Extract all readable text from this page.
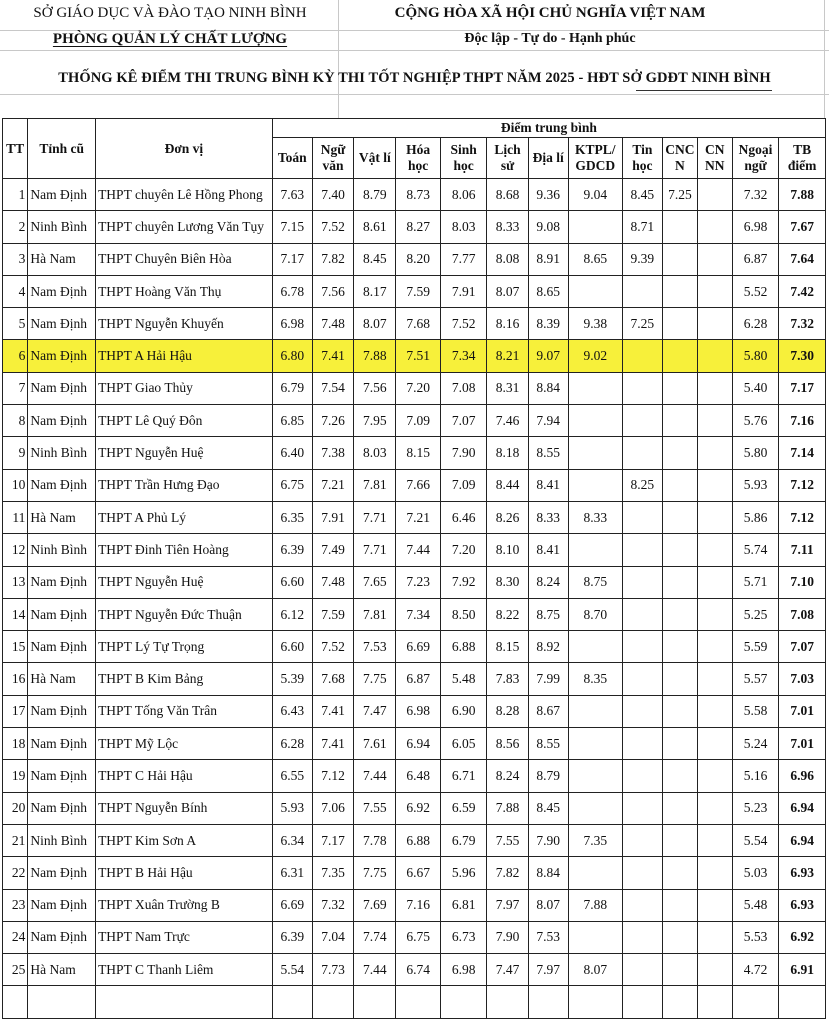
SỞ GIÁO DỤC VÀ ĐÀO TẠO NINH BÌNH
PHÒNG QUẢN LÝ CHẤT LƯỢNG
CỘNG HÒA XÃ HỘI CHỦ NGHĨA VIỆT NAM
Độc lập - Tự do - Hạnh phúc
THỐNG KÊ ĐIỂM THI TRUNG BÌNH KỲ THI TỐT NGHIỆP THPT NĂM 2025 - HĐT SỞ GDĐT NINH BÌNH
TT	Tỉnh cũ	Đơn vị	Điểm trung bình												
			Toán	Ngữ văn	Vật lí	Hóa học	Sinh học	Lịch sử	Địa lí	KTPL/ GDCD	Tin học	CNC N	CN NN	Ngoại ngữ	TB điểm
1	Nam Định	THPT chuyên Lê Hồng Phong	7.63	7.40	8.79	8.73	8.06	8.68	9.36	9.04	8.45	7.25		7.32	7.88
2	Ninh Bình	THPT chuyên Lương Văn Tụy	7.15	7.52	8.61	8.27	8.03	8.33	9.08		8.71			6.98	7.67
3	Hà Nam	THPT Chuyên Biên Hòa	7.17	7.82	8.45	8.20	7.77	8.08	8.91	8.65	9.39			6.87	7.64
4	Nam Định	THPT Hoàng Văn Thụ	6.78	7.56	8.17	7.59	7.91	8.07	8.65					5.52	7.42
5	Nam Định	THPT Nguyễn Khuyến	6.98	7.48	8.07	7.68	7.52	8.16	8.39	9.38	7.25			6.28	7.32
6	Nam Định	THPT A Hải Hậu	6.80	7.41	7.88	7.51	7.34	8.21	9.07	9.02				5.80	7.30
7	Nam Định	THPT Giao Thủy	6.79	7.54	7.56	7.20	7.08	8.31	8.84					5.40	7.17
8	Nam Định	THPT Lê Quý Đôn	6.85	7.26	7.95	7.09	7.07	7.46	7.94					5.76	7.16
9	Ninh Bình	THPT Nguyễn Huệ	6.40	7.38	8.03	8.15	7.90	8.18	8.55					5.80	7.14
10	Nam Định	THPT Trần Hưng Đạo	6.75	7.21	7.81	7.66	7.09	8.44	8.41		8.25			5.93	7.12
11	Hà Nam	THPT A Phủ Lý	6.35	7.91	7.71	7.21	6.46	8.26	8.33	8.33				5.86	7.12
12	Ninh Bình	THPT Đinh Tiên Hoàng	6.39	7.49	7.71	7.44	7.20	8.10	8.41					5.74	7.11
13	Nam Định	THPT Nguyễn Huệ	6.60	7.48	7.65	7.23	7.92	8.30	8.24	8.75				5.71	7.10
14	Nam Định	THPT Nguyễn Đức Thuận	6.12	7.59	7.81	7.34	8.50	8.22	8.75	8.70				5.25	7.08
15	Nam Định	THPT Lý Tự Trọng	6.60	7.52	7.53	6.69	6.88	8.15	8.92					5.59	7.07
16	Hà Nam	THPT B Kim Bảng	5.39	7.68	7.75	6.87	5.48	7.83	7.99	8.35				5.57	7.03
17	Nam Định	THPT Tống Văn Trân	6.43	7.41	7.47	6.98	6.90	8.28	8.67					5.58	7.01
18	Nam Định	THPT Mỹ Lộc	6.28	7.41	7.61	6.94	6.05	8.56	8.55					5.24	7.01
19	Nam Định	THPT C Hải Hậu	6.55	7.12	7.44	6.48	6.71	8.24	8.79					5.16	6.96
20	Nam Định	THPT Nguyễn Bính	5.93	7.06	7.55	6.92	6.59	7.88	8.45					5.23	6.94
21	Ninh Bình	THPT Kim Sơn A	6.34	7.17	7.78	6.88	6.79	7.55	7.90	7.35				5.54	6.94
22	Nam Định	THPT B Hải Hậu	6.31	7.35	7.75	6.67	5.96	7.82	8.84					5.03	6.93
23	Nam Định	THPT Xuân Trường B	6.69	7.32	7.69	7.16	6.81	7.97	8.07	7.88				5.48	6.93
24	Nam Định	THPT Nam Trực	6.39	7.04	7.74	6.75	6.73	7.90	7.53					5.53	6.92
25	Hà Nam	THPT C Thanh Liêm	5.54	7.73	7.44	6.74	6.98	7.47	7.97	8.07				4.72	6.91
